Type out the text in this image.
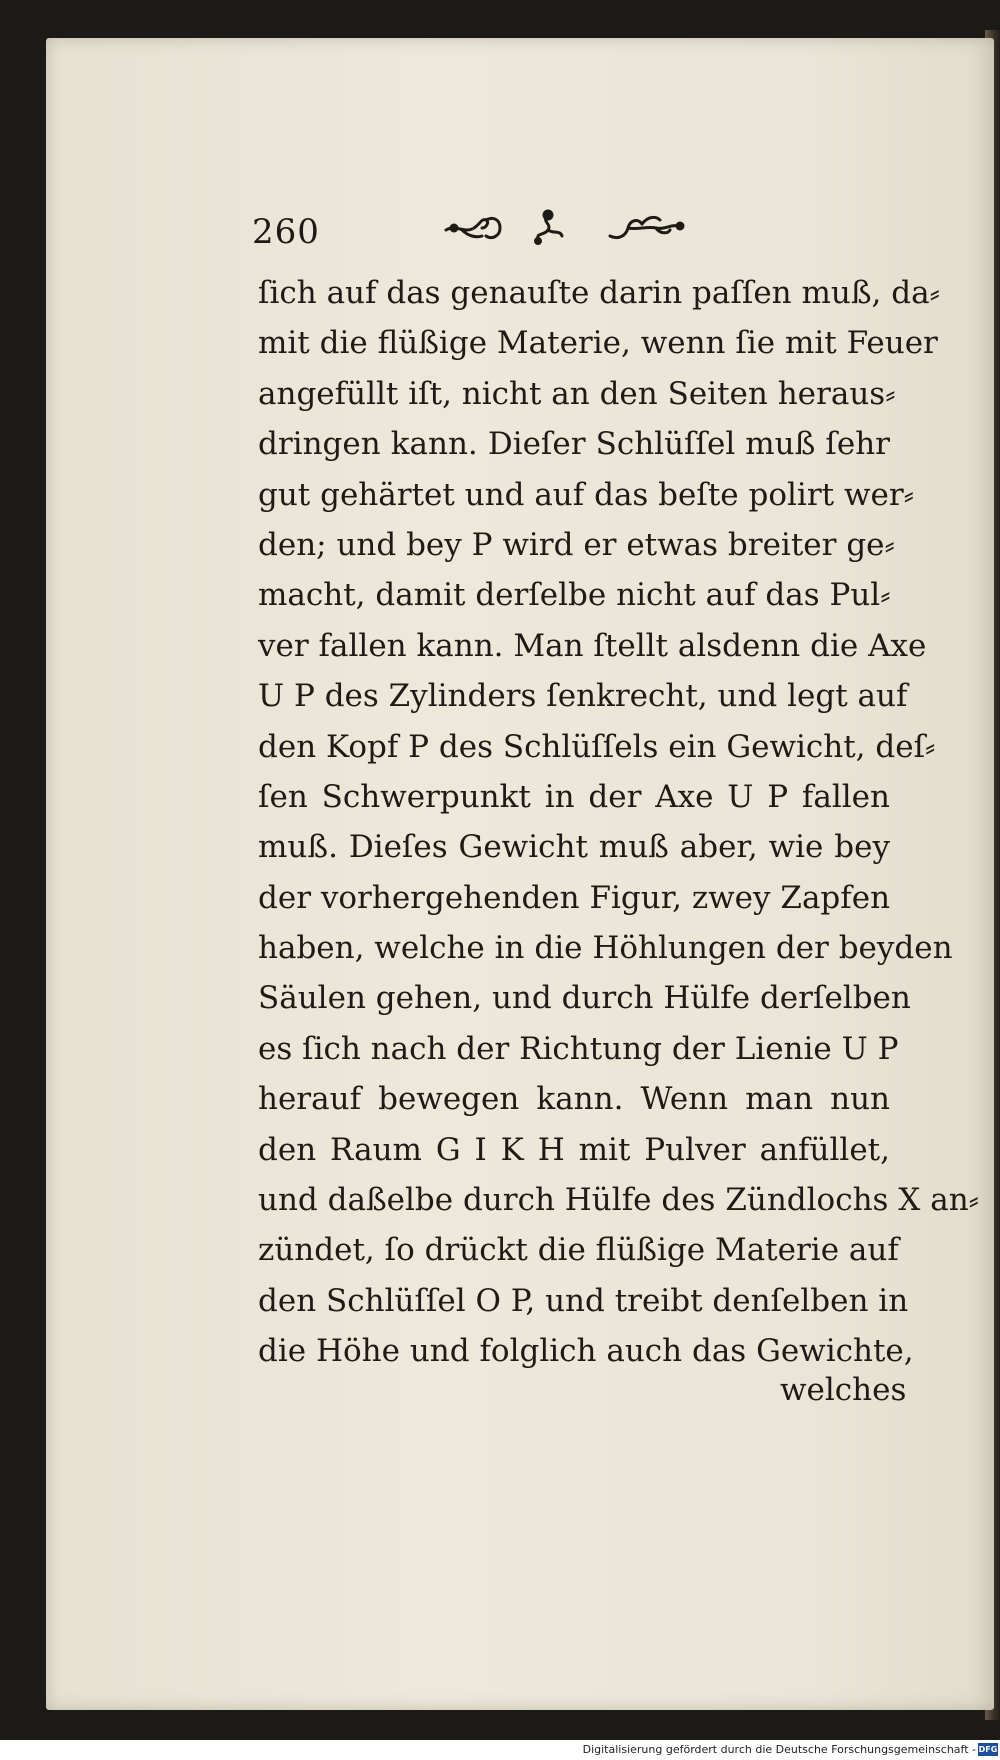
260
ſich auf das genauſte darin paſſen muß, da⸗
mit die flüßige Materie, wenn ſie mit Feuer
angefüllt iſt, nicht an den Seiten heraus⸗
dringen kann. Dieſer Schlüſſel muß ſehr
gut gehärtet und auf das beſte polirt wer⸗
den; und bey P wird er etwas breiter ge⸗
macht, damit derſelbe nicht auf das Pul⸗
ver fallen kann. Man ſtellt alsdenn die Axe
U P des Zylinders ſenkrecht, und legt auf
den Kopf P des Schlüſſels ein Gewicht, deſ⸗
ſen Schwerpunkt in der Axe U P fallen
muß. Dieſes Gewicht muß aber, wie bey
der vorhergehenden Figur, zwey Zapfen
haben, welche in die Höhlungen der beyden
Säulen gehen, und durch Hülfe derſelben
es ſich nach der Richtung der Lienie U P
herauf bewegen kann. Wenn man nun
den Raum G I K H mit Pulver anfüllet,
und daßelbe durch Hülfe des Zündlochs X an⸗
zündet, ſo drückt die flüßige Materie auf
den Schlüſſel O P, und treibt denſelben in
die Höhe und folglich auch das Gewichte,
welches
Digitalisierung gefördert durch die Deutsche Forschungsgemeinschaft - DFG
